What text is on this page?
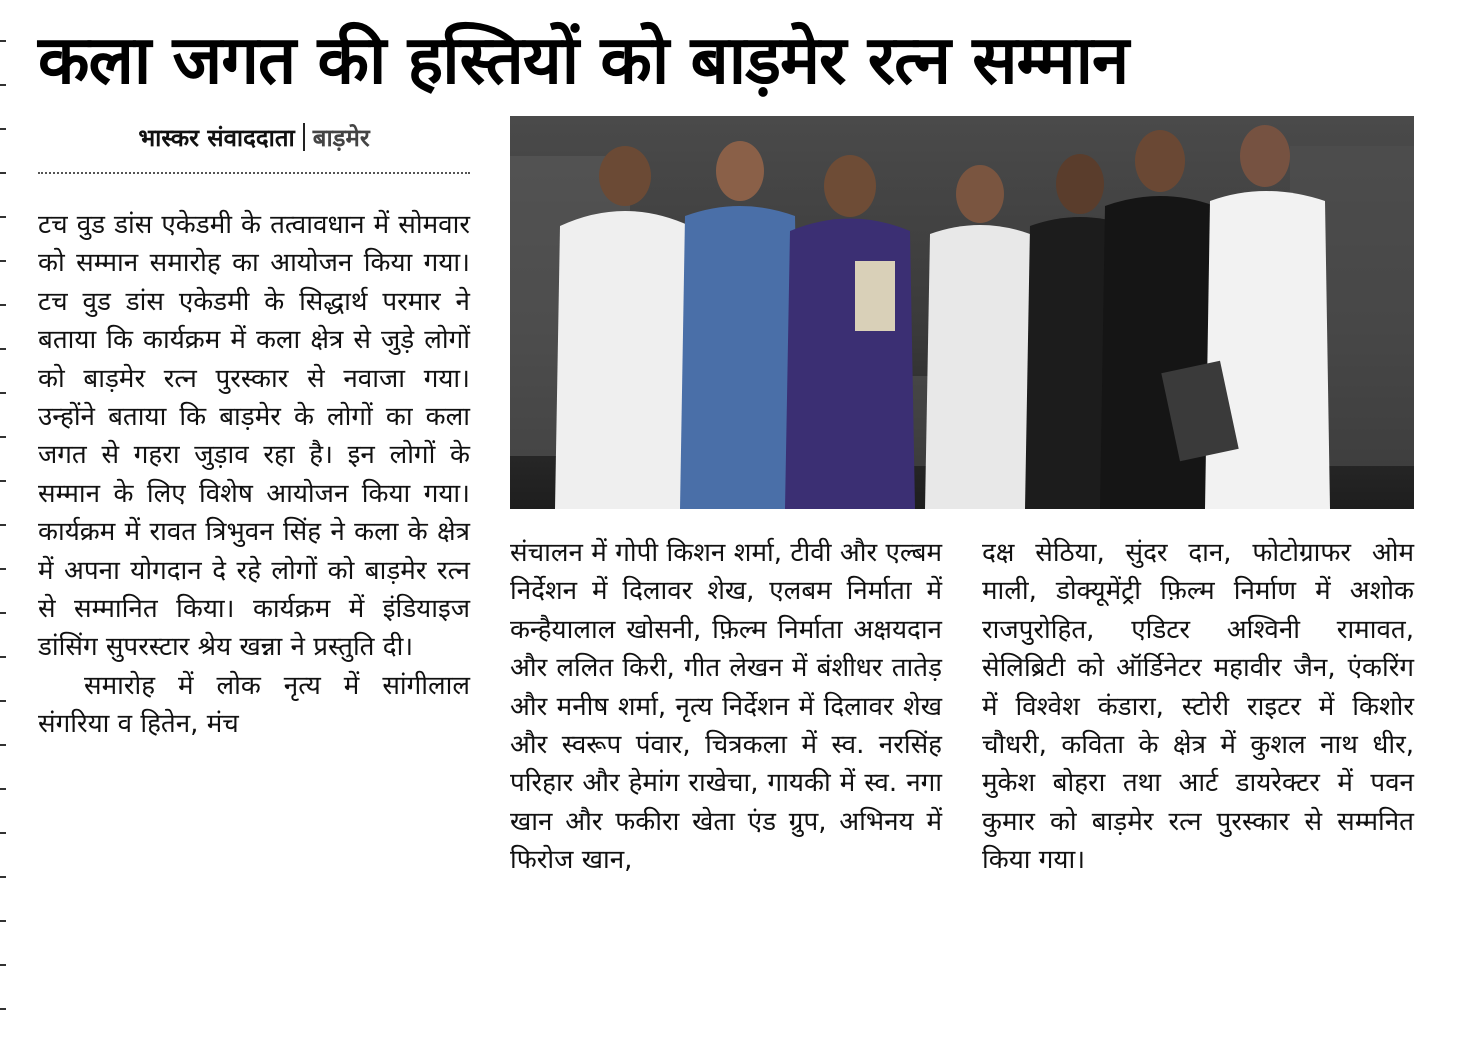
कला जगत की हस्तियों को बाड़मेर रत्न सम्मान
भास्कर संवाददाता बाड़मेर

टच वुड डांस एकेडमी के तत्वावधान में सोमवार को सम्मान समारोह का आयोजन किया गया। टच वुड डांस एकेडमी के सिद्धार्थ परमार ने बताया कि कार्यक्रम में कला क्षेत्र से जुड़े लोगों को बाड़मेर रत्न पुरस्कार से नवाजा गया। उन्होंने बताया कि बाड़मेर के लोगों का कला जगत से गहरा जुड़ाव रहा है। इन लोगों के सम्मान के लिए विशेष आयोजन किया गया। कार्यक्रम में रावत त्रिभुवन सिंह ने कला के क्षेत्र में अपना योगदान दे रहे लोगों को बाड़मेर रत्न से सम्मानित किया। कार्यक्रम में इंडियाइज डांसिंग सुपरस्टार श्रेय खन्ना ने प्रस्तुति दी।

समारोह में लोक नृत्य में सांगीलाल संगरिया व हितेन, मंच

संचालन में गोपी किशन शर्मा, टीवी और एल्बम निर्देशन में दिलावर शेख, एलबम निर्माता में कन्हैयालाल खोसनी, फ़िल्म निर्माता अक्षयदान और ललित किरी, गीत लेखन में बंशीधर तातेड़ और मनीष शर्मा, नृत्य निर्देशन में दिलावर शेख और स्वरूप पंवार, चित्रकला में स्व. नरसिंह परिहार और हेमांग राखेचा, गायकी में स्व. नगा खान और फकीरा खेता एंड ग्रुप, अभिनय में फिरोज खान,

दक्ष सेठिया, सुंदर दान, फोटोग्राफर ओम माली, डोक्यूमेंट्री फ़िल्म निर्माण में अशोक राजपुरोहित, एडिटर अश्विनी रामावत, सेलिब्रिटी को ऑर्डिनेटर महावीर जैन, एंकरिंग में विश्वेश कंडारा, स्टोरी राइटर में किशोर चौधरी, कविता के क्षेत्र में कुशल नाथ धीर, मुकेश बोहरा तथा आर्ट डायरेक्टर में पवन कुमार को बाड़मेर रत्न पुरस्कार से सम्मनित किया गया।
